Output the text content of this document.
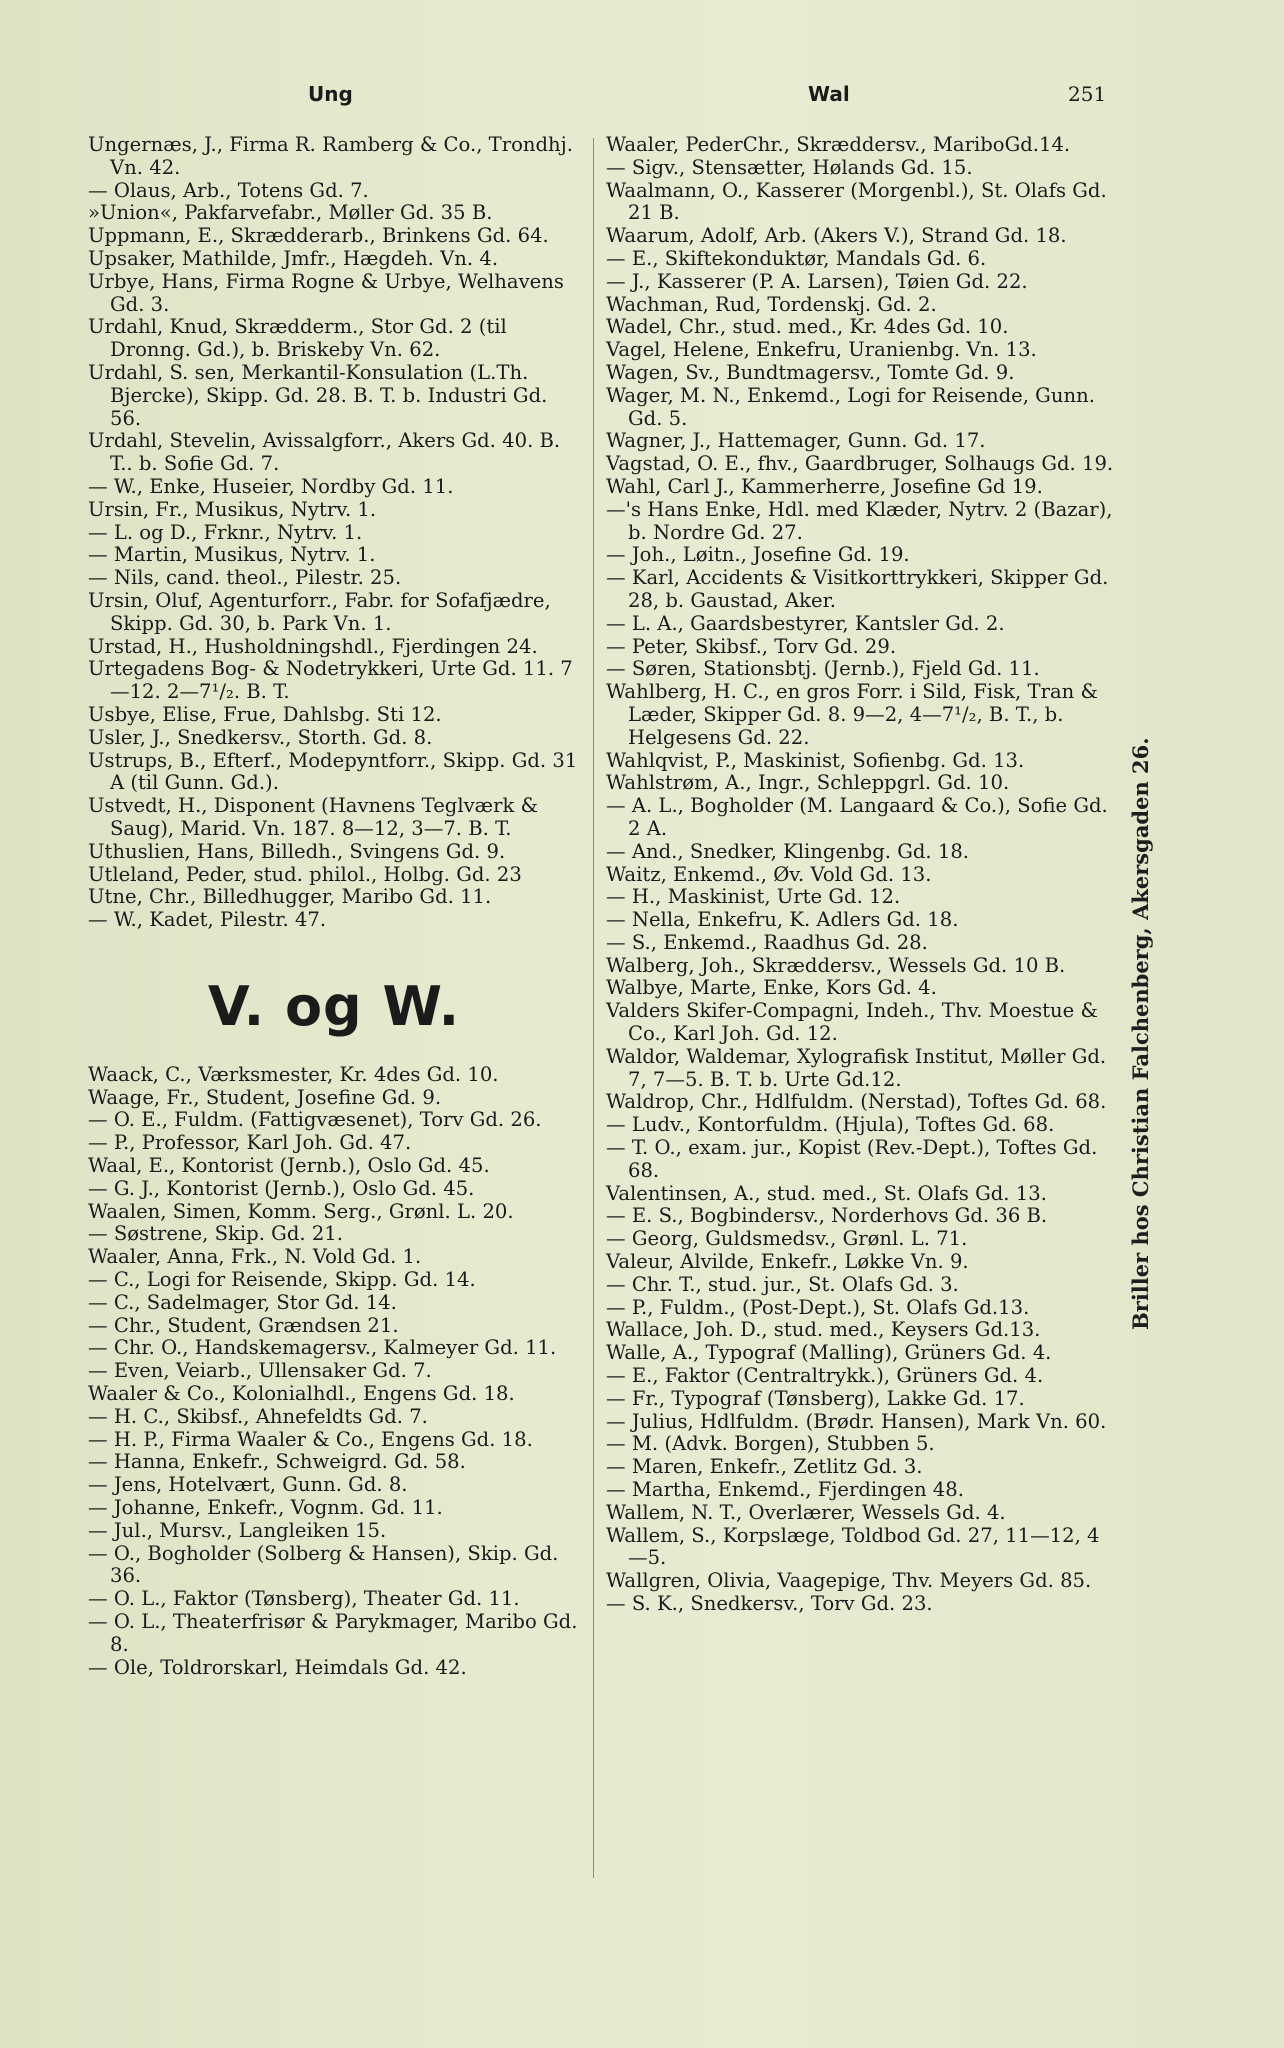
Ung	Wal	251

Ungernæs, J., Firma R. Ramberg & Co., Trondhj. Vn. 42.

— Olaus, Arb., Totens Gd. 7.

»Union«, Pakfarvefabr., Møller Gd. 35 B.

Uppmann, E., Skrædderarb., Brinkens Gd. 64.

Upsaker, Mathilde, Jmfr., Hægdeh. Vn. 4.

Urbye, Hans, Firma Rogne & Urbye, Welhavens Gd. 3.

Urdahl, Knud, Skrædderm., Stor Gd. 2 (til Dronng. Gd.), b. Briskeby Vn. 62.

Urdahl, S. sen, Merkantil-Konsulation (L.Th. Bjercke), Skipp. Gd. 28. B. T. b. Industri Gd. 56.

Urdahl, Stevelin, Avissalgforr., Akers Gd. 40. B. T.. b. Sofie Gd. 7.

— W., Enke, Huseier, Nordby Gd. 11.

Ursin, Fr., Musikus, Nytrv. 1.

— L. og D., Frknr., Nytrv. 1.

— Martin, Musikus, Nytrv. 1.

— Nils, cand. theol., Pilestr. 25.

Ursin, Oluf, Agenturforr., Fabr. for Sofafjædre, Skipp. Gd. 30, b. Park Vn. 1.

Urstad, H., Husholdningshdl., Fjerdingen 24.

Urtegadens Bog- & Nodetrykkeri, Urte Gd. 11. 7—12. 2—7¹/₂. B. T.

Usbye, Elise, Frue, Dahlsbg. Sti 12.

Usler, J., Snedkersv., Storth. Gd. 8.

Ustrups, B., Efterf., Modepyntforr., Skipp. Gd. 31 A (til Gunn. Gd.).

Ustvedt, H., Disponent (Havnens Teglværk & Saug), Marid. Vn. 187. 8—12, 3—7. B. T.

Uthuslien, Hans, Billedh., Svingens Gd. 9.

Utleland, Peder, stud. philol., Holbg. Gd. 23

Utne, Chr., Billedhugger, Maribo Gd. 11.

— W., Kadet, Pilestr. 47.

V. og W.

Waack, C., Værksmester, Kr. 4des Gd. 10.

Waage, Fr., Student, Josefine Gd. 9.

— O. E., Fuldm. (Fattigvæsenet), Torv Gd. 26.

— P., Professor, Karl Joh. Gd. 47.

Waal, E., Kontorist (Jernb.), Oslo Gd. 45.

— G. J., Kontorist (Jernb.), Oslo Gd. 45.

Waalen, Simen, Komm. Serg., Grønl. L. 20.

— Søstrene, Skip. Gd. 21.

Waaler, Anna, Frk., N. Vold Gd. 1.

— C., Logi for Reisende, Skipp. Gd. 14.

— C., Sadelmager, Stor Gd. 14.

— Chr., Student, Grændsen 21.

— Chr. O., Handskemagersv., Kalmeyer Gd. 11.

— Even, Veiarb., Ullensaker Gd. 7.

Waaler & Co., Kolonialhdl., Engens Gd. 18.

— H. C., Skibsf., Ahnefeldts Gd. 7.

— H. P., Firma Waaler & Co., Engens Gd. 18.

— Hanna, Enkefr., Schweigrd. Gd. 58.

— Jens, Hotelvært, Gunn. Gd. 8.

— Johanne, Enkefr., Vognm. Gd. 11.

— Jul., Mursv., Langleiken 15.

— O., Bogholder (Solberg & Hansen), Skip. Gd. 36.

— O. L., Faktor (Tønsberg), Theater Gd. 11.

— O. L., Theaterfrisør & Parykmager, Maribo Gd. 8.

— Ole, Toldrorskarl, Heimdals Gd. 42.

Waaler, PederChr., Skræddersv., MariboGd.14.

— Sigv., Stensætter, Hølands Gd. 15.

Waalmann, O., Kasserer (Morgenbl.), St. Olafs Gd. 21 B.

Waarum, Adolf, Arb. (Akers V.), Strand Gd. 18.

— E., Skiftekonduktør, Mandals Gd. 6.

— J., Kasserer (P. A. Larsen), Tøien Gd. 22.

Wachman, Rud, Tordenskj. Gd. 2.

Wadel, Chr., stud. med., Kr. 4des Gd. 10.

Vagel, Helene, Enkefru, Uranienbg. Vn. 13.

Wagen, Sv., Bundtmagersv., Tomte Gd. 9.

Wager, M. N., Enkemd., Logi for Reisende, Gunn. Gd. 5.

Wagner, J., Hattemager, Gunn. Gd. 17.

Vagstad, O. E., fhv., Gaardbruger, Solhaugs Gd. 19.

Wahl, Carl J., Kammerherre, Josefine Gd 19.

—'s Hans Enke, Hdl. med Klæder, Nytrv. 2 (Bazar), b. Nordre Gd. 27.

— Joh., Løitn., Josefine Gd. 19.

— Karl, Accidents & Visitkorttrykkeri, Skipper Gd. 28, b. Gaustad, Aker.

— L. A., Gaardsbestyrer, Kantsler Gd. 2.

— Peter, Skibsf., Torv Gd. 29.

— Søren, Stationsbtj. (Jernb.), Fjeld Gd. 11.

Wahlberg, H. C., en gros Forr. i Sild, Fisk, Tran & Læder, Skipper Gd. 8. 9—2, 4—7¹/₂, B. T., b. Helgesens Gd. 22.

Wahlqvist, P., Maskinist, Sofienbg. Gd. 13.

Wahlstrøm, A., Ingr., Schleppgrl. Gd. 10.

— A. L., Bogholder (M. Langaard & Co.), Sofie Gd. 2 A.

— And., Snedker, Klingenbg. Gd. 18.

Waitz, Enkemd., Øv. Vold Gd. 13.

— H., Maskinist, Urte Gd. 12.

— Nella, Enkefru, K. Adlers Gd. 18.

— S., Enkemd., Raadhus Gd. 28.

Walberg, Joh., Skræddersv., Wessels Gd. 10 B.

Walbye, Marte, Enke, Kors Gd. 4.

Valders Skifer-Compagni, Indeh., Thv. Moestue & Co., Karl Joh. Gd. 12.

Waldor, Waldemar, Xylografisk Institut, Møller Gd. 7, 7—5. B. T. b. Urte Gd.12.

Waldrop, Chr., Hdlfuldm. (Nerstad), Toftes Gd. 68.

— Ludv., Kontorfuldm. (Hjula), Toftes Gd. 68.

— T. O., exam. jur., Kopist (Rev.-Dept.), Toftes Gd. 68.

Valentinsen, A., stud. med., St. Olafs Gd. 13.

— E. S., Bogbindersv., Norderhovs Gd. 36 B.

— Georg, Guldsmedsv., Grønl. L. 71.

Valeur, Alvilde, Enkefr., Løkke Vn. 9.

— Chr. T., stud. jur., St. Olafs Gd. 3.

— P., Fuldm., (Post-Dept.), St. Olafs Gd.13.

Wallace, Joh. D., stud. med., Keysers Gd.13.

Walle, A., Typograf (Malling), Grüners Gd. 4.

— E., Faktor (Centraltrykk.), Grüners Gd. 4.

— Fr., Typograf (Tønsberg), Lakke Gd. 17.

— Julius, Hdlfuldm. (Brødr. Hansen), Mark Vn. 60.

— M. (Advk. Borgen), Stubben 5.

— Maren, Enkefr., Zetlitz Gd. 3.

— Martha, Enkemd., Fjerdingen 48.

Wallem, N. T., Overlærer, Wessels Gd. 4.

Wallem, S., Korpslæge, Toldbod Gd. 27, 11—12, 4—5.

Wallgren, Olivia, Vaagepige, Thv. Meyers Gd. 85.

— S. K., Snedkersv., Torv Gd. 23.

Briller hos Christian Falchenberg, Akersgaden 26.
